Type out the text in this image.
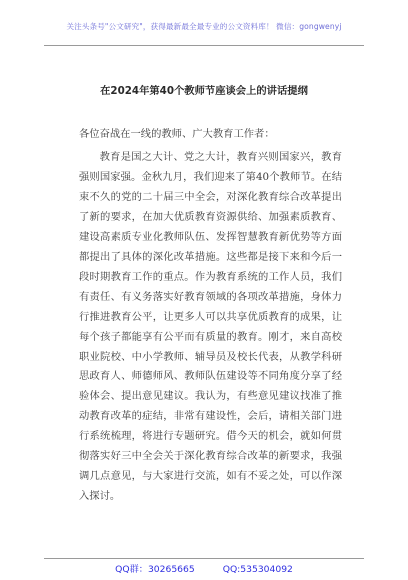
关注头条号"公文研究"，获得最新最全最专业的公文资料库！ 微信：gongwenyj
在2024年第40个教师节座谈会上的讲话提纲
各位奋战在一线的教师、广大教育工作者：

教育是国之大计、党之大计，教育兴则国家兴，教育强则国家强。金秋九月，我们迎来了第40个教师节。在结束不久的党的二十届三中全会，对深化教育综合改革提出了新的要求，在加大优质教育资源供给、加强素质教育、建设高素质专业化教师队伍、发挥智慧教育新优势等方面都提出了具体的深化改革措施。这些都是接下来和今后一段时期教育工作的重点。作为教育系统的工作人员，我们有责任、有义务落实好教育领域的各项改革措施，身体力行推进教育公平，让更多人可以共享优质教育的成果，让每个孩子都能享有公平而有质量的教育。刚才，来自高校职业院校、中小学教师、辅导员及校长代表，从教学科研思政育人、师德师风、教师队伍建设等不同角度分享了经验体会、提出意见建议。我认为，有些意见建议找准了推动教育改革的症结，非常有建设性，会后，请相关部门进行系统梳理，将进行专题研究。借今天的机会，就如何贯彻落实好三中全会关于深化教育综合改革的新要求，我强调几点意见，与大家进行交流，如有不妥之处，可以作深入探讨。

QQ群：30265665	QQ:535304092
